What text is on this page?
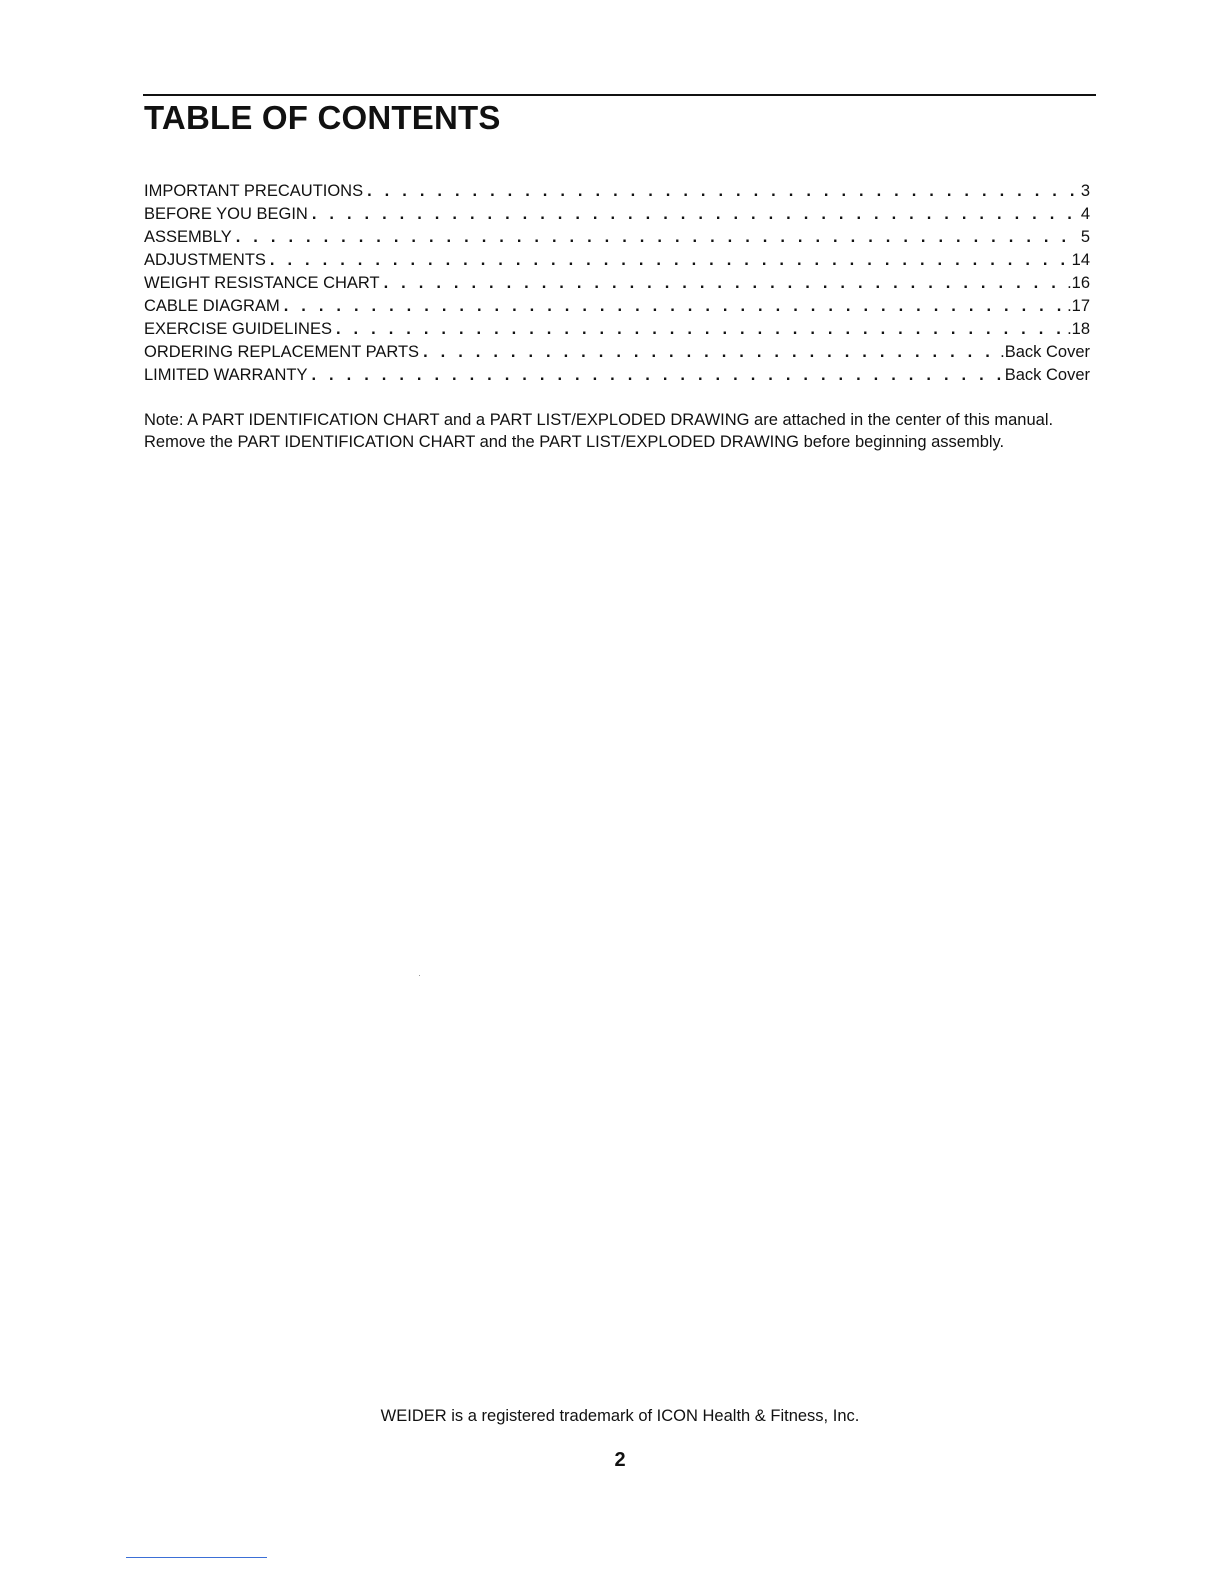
TABLE OF CONTENTS
IMPORTANT PRECAUTIONS . . .	3
BEFORE YOU BEGIN . . .	4
ASSEMBLY . . .	5
ADJUSTMENTS . . .	14
WEIGHT RESISTANCE CHART . . .	.16
CABLE DIAGRAM . . .	.17
EXERCISE GUIDELINES . . .	.18
ORDERING REPLACEMENT PARTS . . .	.Back Cover
LIMITED WARRANTY . . .	Back Cover

Note: A PART IDENTIFICATION CHART and a PART LIST/EXPLODED DRAWING are attached in the center of this manual. Remove the PART IDENTIFICATION CHART and the PART LIST/EXPLODED DRAWING before beginning assembly.

WEIDER is a registered trademark of ICON Health & Fitness, Inc.

2
